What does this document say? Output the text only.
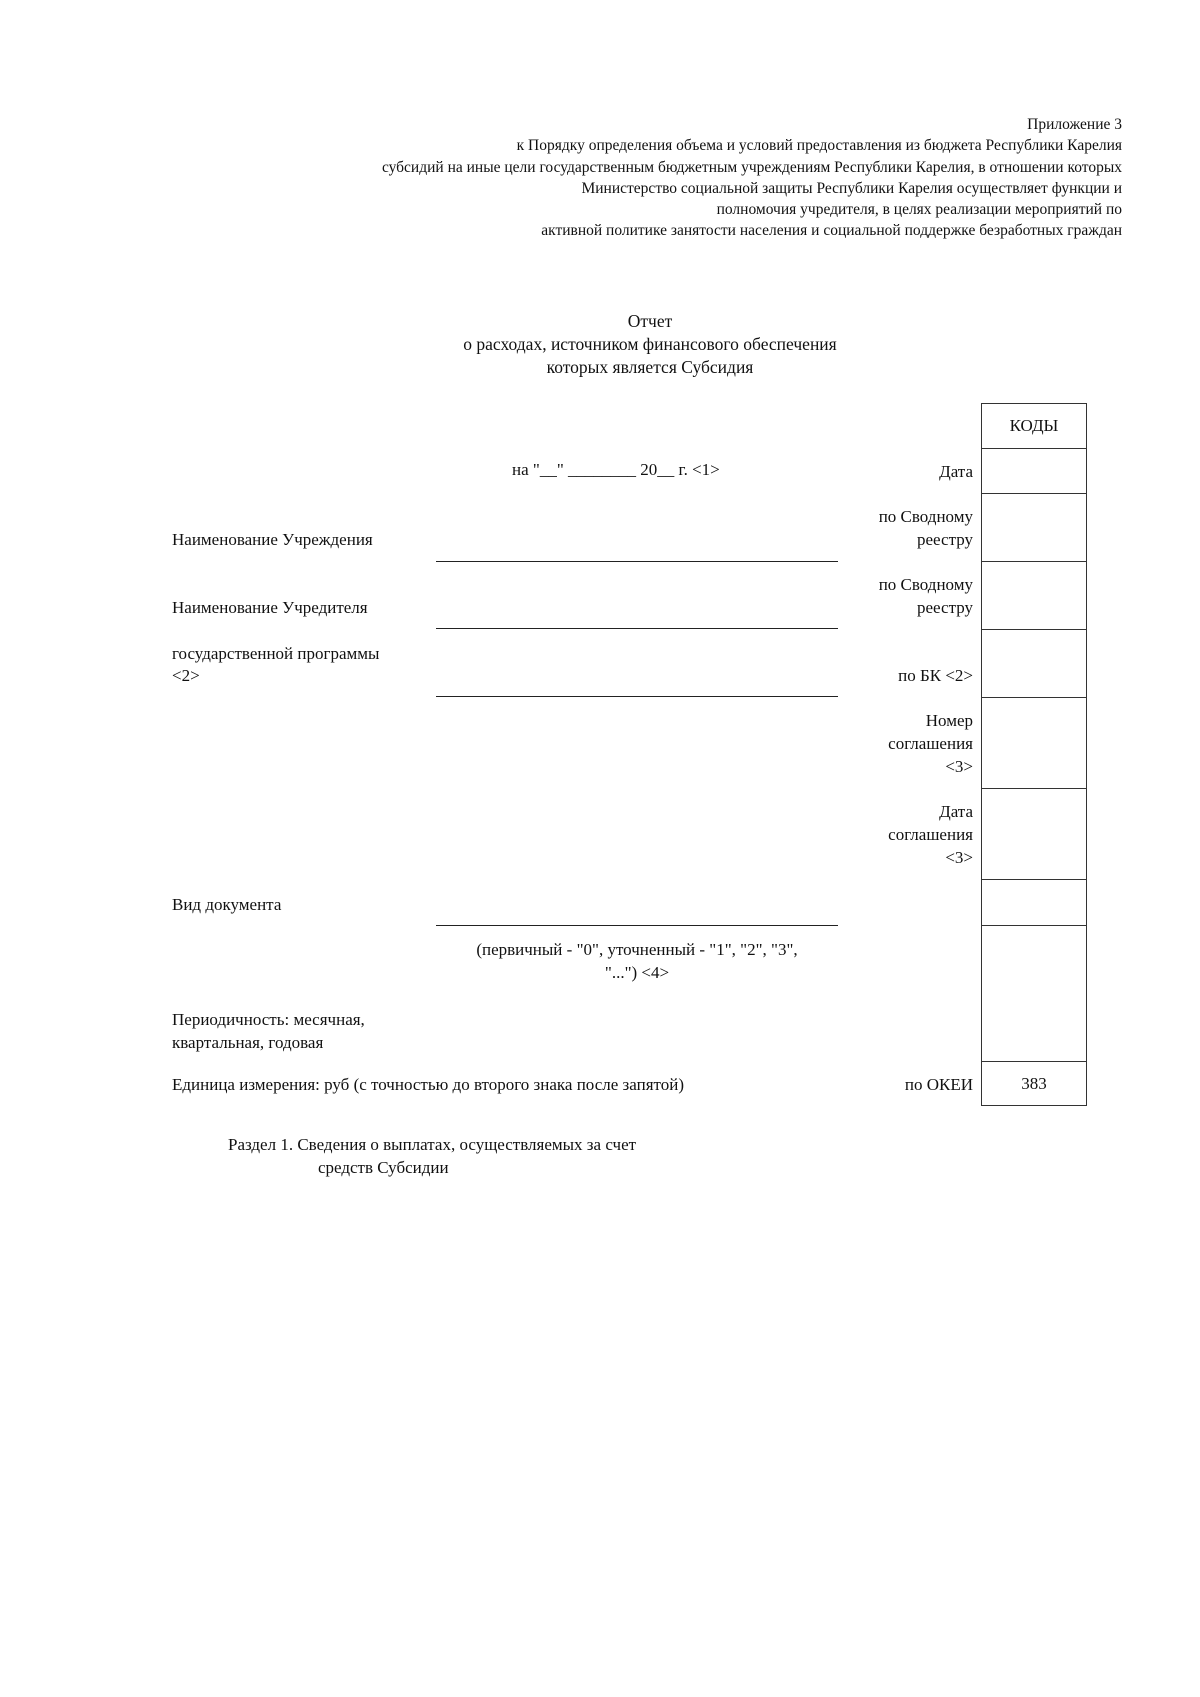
Приложение 3
к Порядку определения объема и условий предоставления из бюджета Республики Карелия
субсидий на иные цели государственным бюджетным учреждениям Республики Карелия, в отношении которых
Министерство социальной защиты Республики Карелия осуществляет функции и
полномочия учредителя, в целях реализации мероприятий по
активной политике занятости населения и социальной поддержке безработных граждан
Отчет
о расходах, источником финансового обеспечения
которых является Субсидия
КОДЫ
383
на "__" ________ 20__ г. <1>	Дата
по Сводному
реестру
по Сводному
реестру
по БК <2>
Номер
соглашения
<3>
Дата
соглашения
<3>
по ОКЕИ
Наименование Учреждения
Наименование Учредителя
государственной программы
<2>
Вид документа
(первичный - "0", уточненный - "1", "2", "3",
"...") <4>
Периодичность: месячная,
квартальная, годовая
Единица измерения: руб (с точностью до второго знака после запятой)
Раздел 1. Сведения о выплатах, осуществляемых за счет
средств Субсидии
